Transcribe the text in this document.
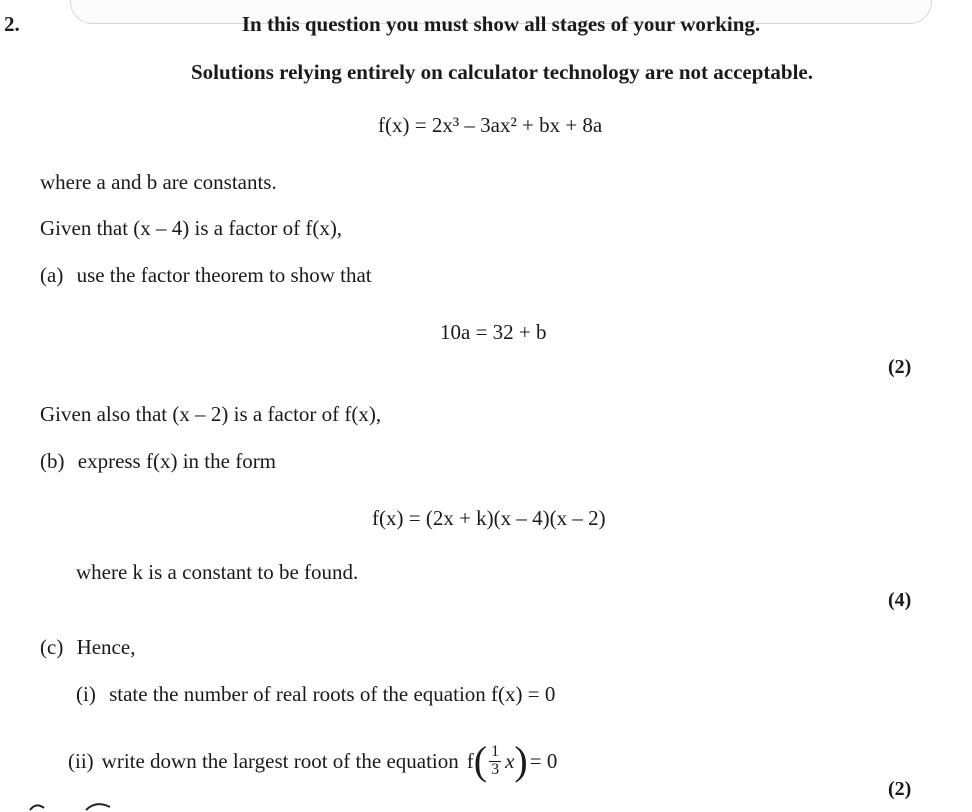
2.	In this question you must show all stages of your working.
Solutions relying entirely on calculator technology are not acceptable.
f(x) = 2x³ – 3ax² + bx + 8a
where a and b are constants.
Given that (x – 4) is a factor of f(x),
(a) use the factor theorem to show that
10a = 32 + b
(2)
Given also that (x – 2) is a factor of f(x),
(b) express f(x) in the form
f(x) = (2x + k)(x – 4)(x – 2)
where k is a constant to be found.
(4)
(c) Hence,
(i) state the number of real roots of the equation f(x) = 0
(ii) write down the largest root of the equation f ( $\frac{1}{3}$ x ) = 0
(2)
